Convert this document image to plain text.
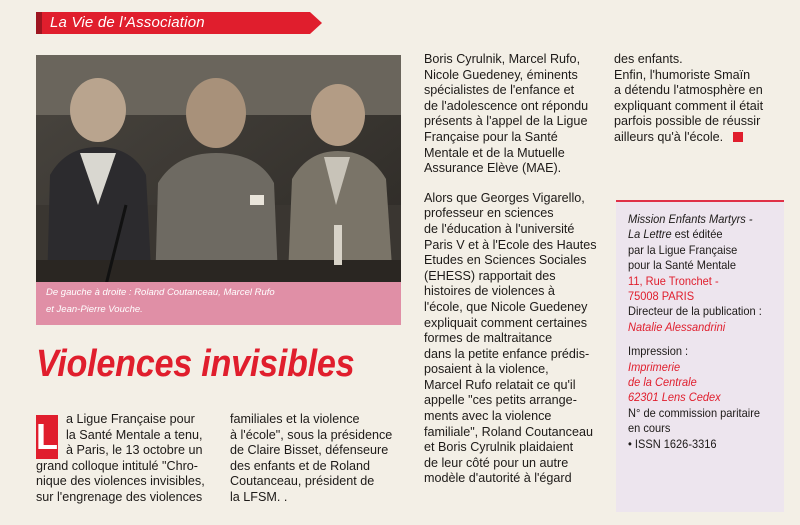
La Vie de l'Association

De gauche à droite : Roland Coutanceau, Marcel Rufo

et Jean-Pierre Vouche.

Violences invisibles
L a Ligue Française pour

la Santé Mentale a tenu,

à Paris, le 13 octobre un

grand colloque intitulé "Chro-

nique des violences invisibles,

sur l'engrenage des violences

familiales et la violence

à l'école", sous la présidence

de Claire Bisset, défenseure

des enfants et de Roland

Coutanceau, président de

la LFSM. .

Boris Cyrulnik, Marcel Rufo,

Nicole Guedeney, éminents

spécialistes de l'enfance et

de l'adolescence ont répondu

présents à l'appel de la Ligue

Française pour la Santé

Mentale et de la Mutuelle

Assurance Elève (MAE).

Alors que Georges Vigarello,

professeur en sciences

de l'éducation à l'université

Paris V et à l'Ecole des Hautes

Etudes en Sciences Sociales

(EHESS) rapportait des

histoires de violences à

l'école, que Nicole Guedeney

expliquait comment certaines

formes de maltraitance

dans la petite enfance prédis-

posaient à la violence,

Marcel Rufo relatait ce qu'il

appelle "ces petits arrange-

ments avec la violence

familiale", Roland Coutanceau

et Boris Cyrulnik plaidaient

de leur côté pour un autre

modèle d'autorité à l'égard

des enfants.

Enfin, l'humoriste Smaïn

a détendu l'atmosphère en

expliquant comment il était

parfois possible de réussir

ailleurs qu'à l'école.

Mission Enfants Martyrs -

La Lettre est éditée

par la Ligue Française

pour la Santé Mentale

11, Rue Tronchet -

75008 PARIS

Directeur de la publication :

Natalie Alessandrini

Impression :

Imprimerie

de la Centrale

62301 Lens Cedex

N° de commission paritaire

en cours

• ISSN 1626-3316
